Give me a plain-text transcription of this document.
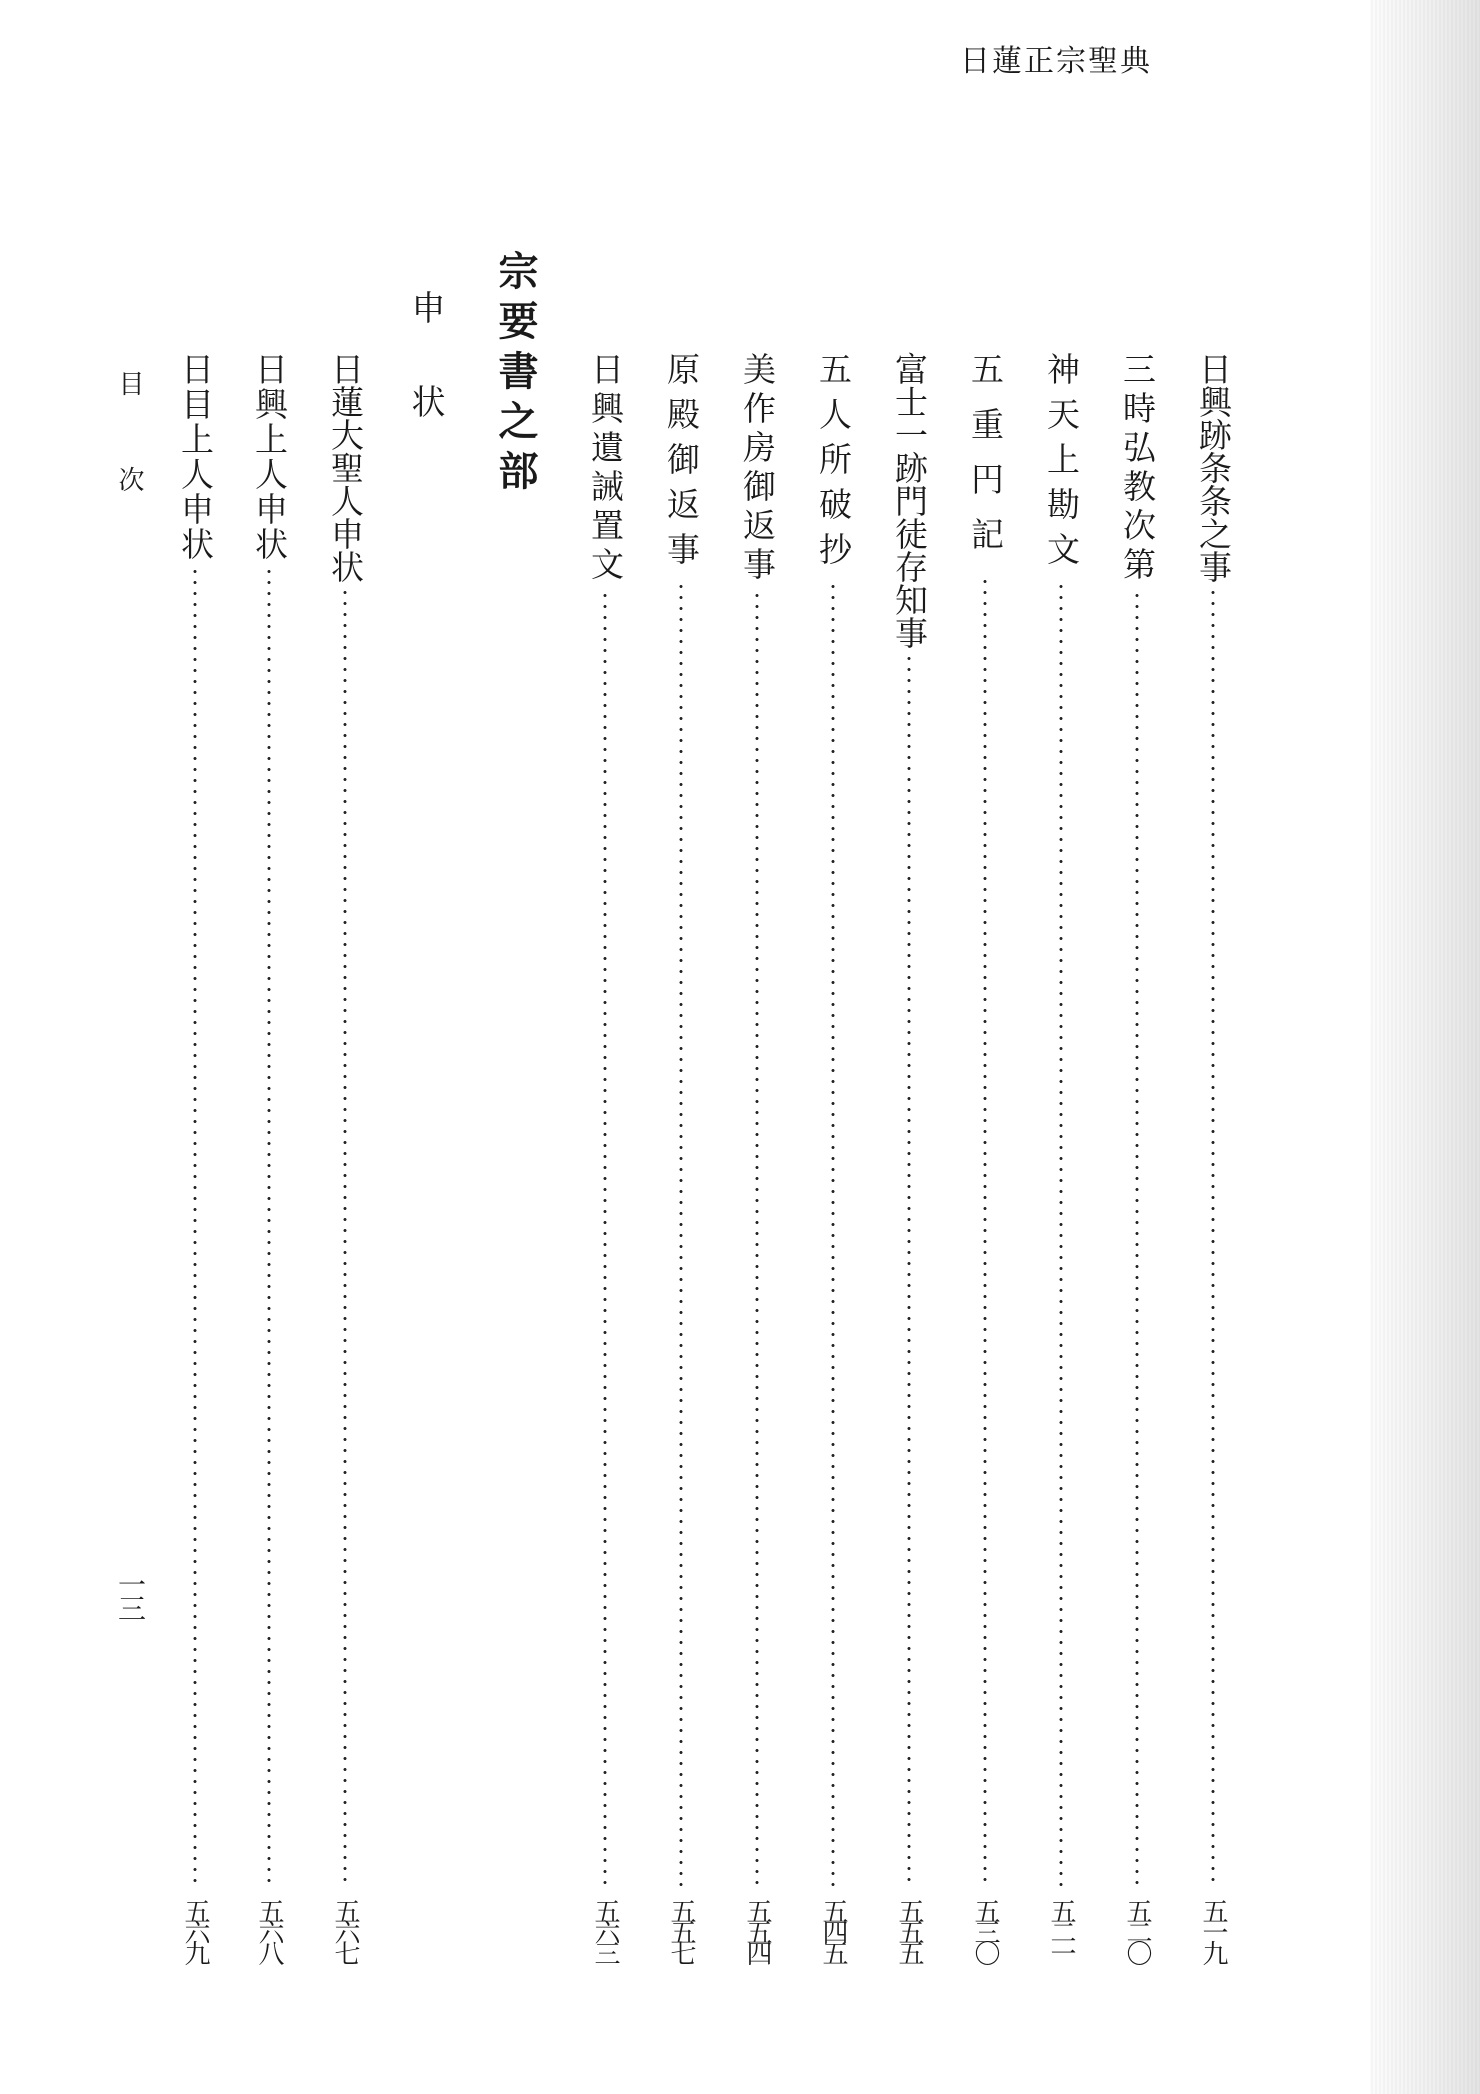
日蓮正宗聖典
日興跡条条之事
五一九
三時弘教次第
五二〇
神天上勘文
五二一
五重円記
五三〇
富士一跡門徒存知事
五五五
五人所破抄
五四五
美作房御返事
五五四
原殿御返事
五五七
日興遺誡置文
五六三
宗要書之部
申状
日蓮大聖人申状
五六七
日興上人申状
五六八
日目上人申状
五六九
目次
一三
